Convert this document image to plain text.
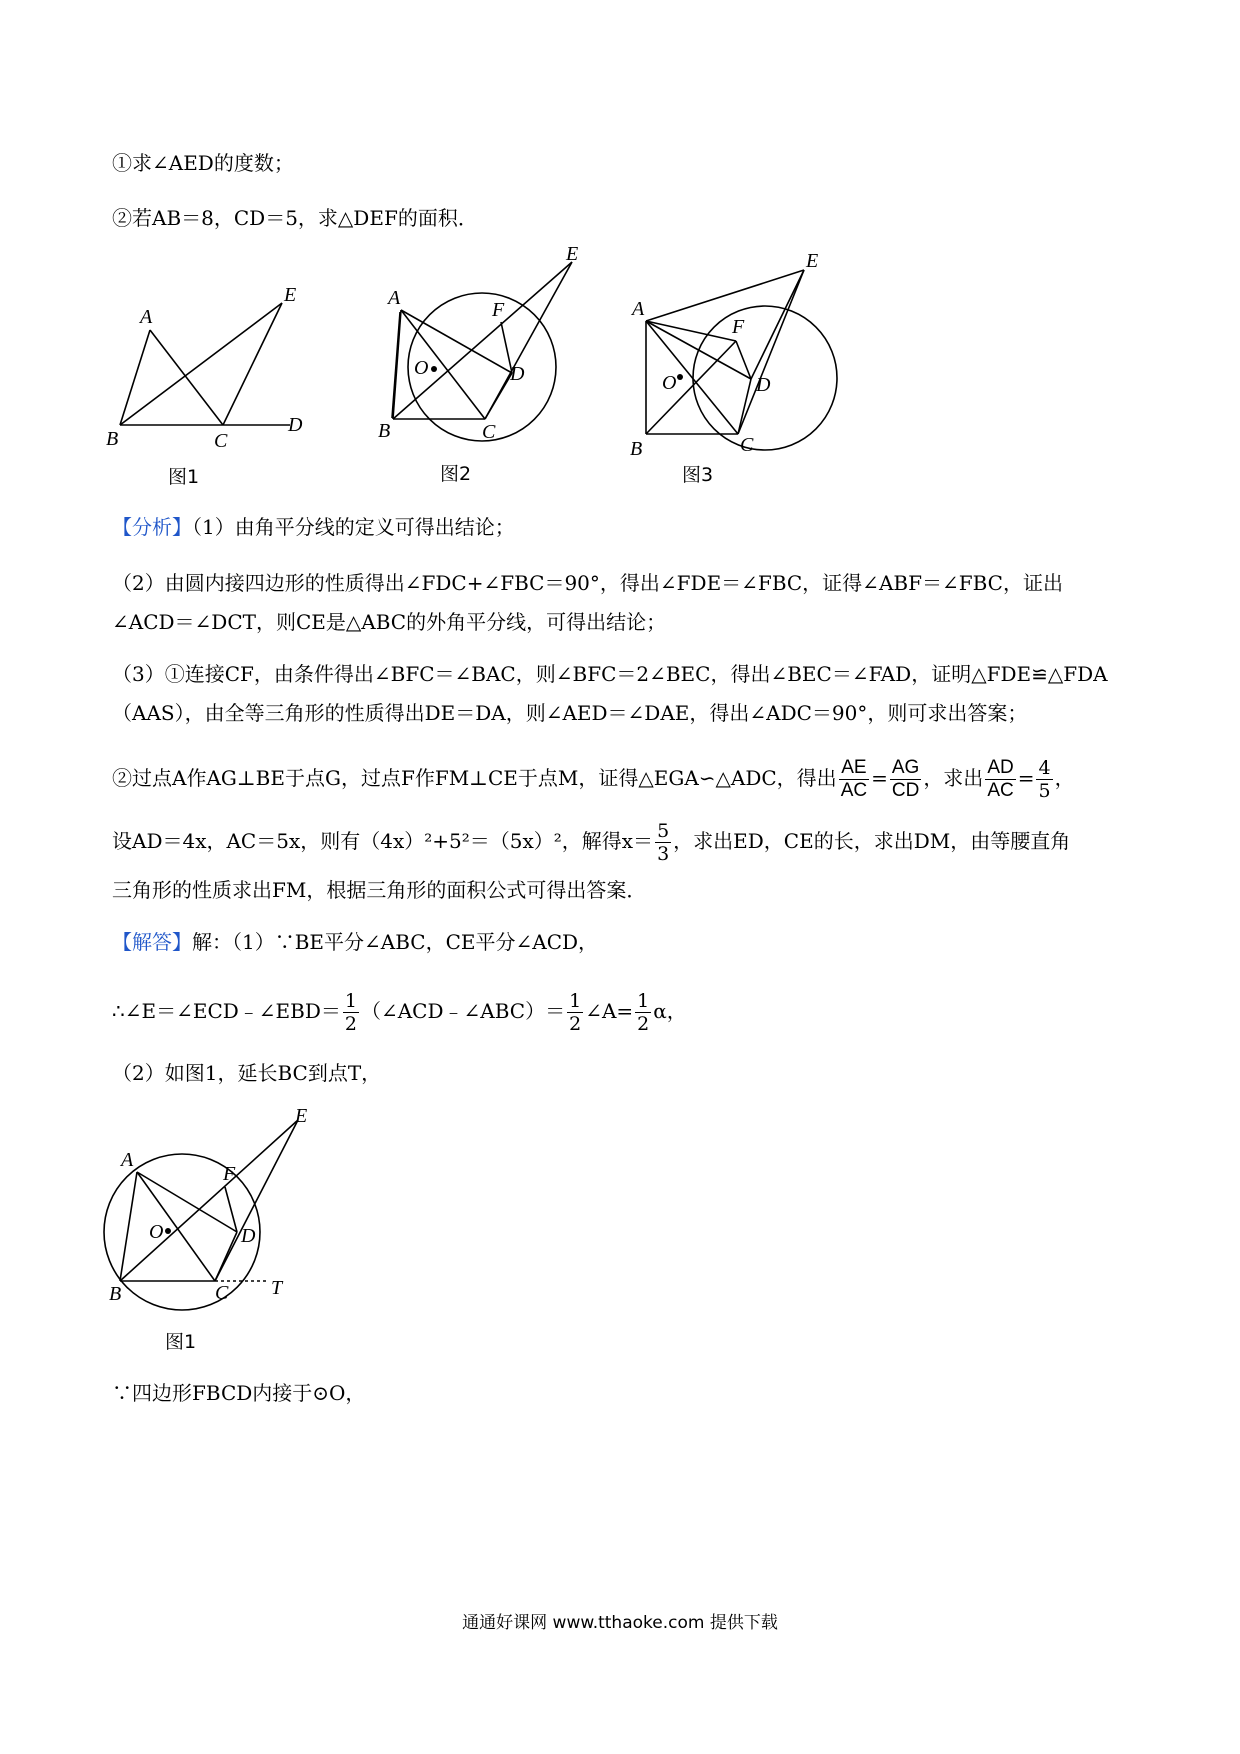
①求∠AED的度数；
②若AB＝8，CD＝5，求△DEF的面积．
A
B	C
D
E
图1
A
B	C
D
E
F
O
图2
A
B	C
D
E
F
O
图3
【分析】（1）由角平分线的定义可得出结论；
（2）由圆内接四边形的性质得出∠FDC+∠FBC＝90°，得出∠FDE＝∠FBC，证得∠ABF＝∠FBC，证出
∠ACD＝∠DCT，则CE是△ABC的外角平分线，可得出结论；
（3）①连接CF，由条件得出∠BFC＝∠BAC，则∠BFC＝2∠BEC，得出∠BEC＝∠FAD，证明△FDE≌△FDA
（AAS），由全等三角形的性质得出DE＝DA，则∠AED＝∠DAE，得出∠ADC＝90°，则可求出答案；
②过点A作AG⊥BE于点G，过点F作FM⊥CE于点M，证得△EGA∽△ADC，得出 $\frac{AE}{AC} = \frac{AG}{CD}$ ，求出 $\frac{AD}{AC} = \frac{4}{5}$ ，
设AD＝4x，AC＝5x，则有（4x）²+5²＝（5x）²，解得$x= \frac{5}{3}$ ，求出ED，CE的长，求出DM，由等腰直角
三角形的性质求出FM，根据三角形的面积公式可得出答案．
【解答】解：（1）∵BE平分∠ABC，CE平分∠ACD，
∴∠E＝∠ECD﹣∠EBD＝ $\frac{1}{2}$ （∠ACD﹣∠ABC）＝ $\frac{1}{2}$ ∠A= $\frac{1}{2}$ α，
（2）如图1，延长BC到点T，
A
B	C
D
E
F
O
T
图1
∵四边形FBCD内接于⊙O，
通通好课网 www.tthaoke.com 提供下载
